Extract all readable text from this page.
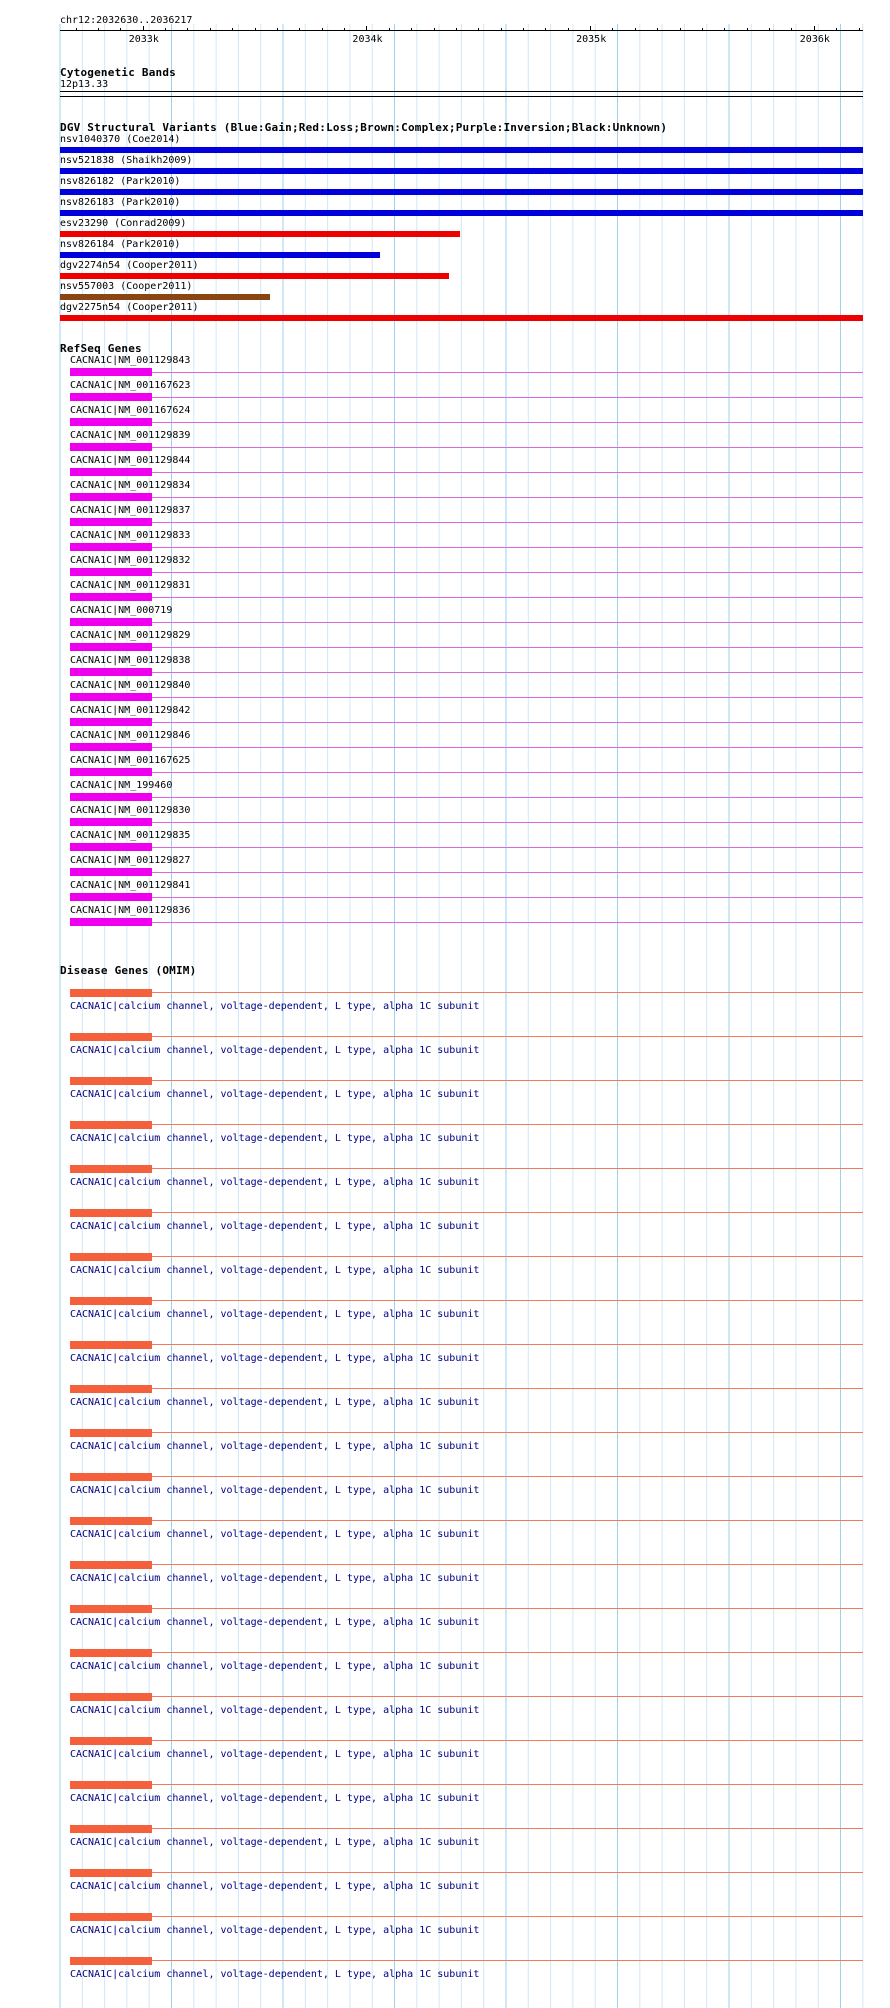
chr12:2032630..2036217
2033k	2034k	2035k	2036k
Cytogenetic Bands
12p13.33
DGV Structural Variants (Blue:Gain;Red:Loss;Brown:Complex;Purple:Inversion;Black:Unknown)
nsv1040370 (Coe2014)
nsv521838 (Shaikh2009)
nsv826182 (Park2010)
nsv826183 (Park2010)
esv23290 (Conrad2009)
nsv826184 (Park2010)
dgv2274n54 (Cooper2011)
nsv557003 (Cooper2011)
dgv2275n54 (Cooper2011)
RefSeq Genes
CACNA1C|NM_001129843
CACNA1C|NM_001167623
CACNA1C|NM_001167624
CACNA1C|NM_001129839
CACNA1C|NM_001129844
CACNA1C|NM_001129834
CACNA1C|NM_001129837
CACNA1C|NM_001129833
CACNA1C|NM_001129832
CACNA1C|NM_001129831
CACNA1C|NM_000719
CACNA1C|NM_001129829
CACNA1C|NM_001129838
CACNA1C|NM_001129840
CACNA1C|NM_001129842
CACNA1C|NM_001129846
CACNA1C|NM_001167625
CACNA1C|NM_199460
CACNA1C|NM_001129830
CACNA1C|NM_001129835
CACNA1C|NM_001129827
CACNA1C|NM_001129841
CACNA1C|NM_001129836
Disease Genes (OMIM)
CACNA1C|calcium channel, voltage-dependent, L type, alpha 1C subunit
CACNA1C|calcium channel, voltage-dependent, L type, alpha 1C subunit
CACNA1C|calcium channel, voltage-dependent, L type, alpha 1C subunit
CACNA1C|calcium channel, voltage-dependent, L type, alpha 1C subunit
CACNA1C|calcium channel, voltage-dependent, L type, alpha 1C subunit
CACNA1C|calcium channel, voltage-dependent, L type, alpha 1C subunit
CACNA1C|calcium channel, voltage-dependent, L type, alpha 1C subunit
CACNA1C|calcium channel, voltage-dependent, L type, alpha 1C subunit
CACNA1C|calcium channel, voltage-dependent, L type, alpha 1C subunit
CACNA1C|calcium channel, voltage-dependent, L type, alpha 1C subunit
CACNA1C|calcium channel, voltage-dependent, L type, alpha 1C subunit
CACNA1C|calcium channel, voltage-dependent, L type, alpha 1C subunit
CACNA1C|calcium channel, voltage-dependent, L type, alpha 1C subunit
CACNA1C|calcium channel, voltage-dependent, L type, alpha 1C subunit
CACNA1C|calcium channel, voltage-dependent, L type, alpha 1C subunit
CACNA1C|calcium channel, voltage-dependent, L type, alpha 1C subunit
CACNA1C|calcium channel, voltage-dependent, L type, alpha 1C subunit
CACNA1C|calcium channel, voltage-dependent, L type, alpha 1C subunit
CACNA1C|calcium channel, voltage-dependent, L type, alpha 1C subunit
CACNA1C|calcium channel, voltage-dependent, L type, alpha 1C subunit
CACNA1C|calcium channel, voltage-dependent, L type, alpha 1C subunit
CACNA1C|calcium channel, voltage-dependent, L type, alpha 1C subunit
CACNA1C|calcium channel, voltage-dependent, L type, alpha 1C subunit
